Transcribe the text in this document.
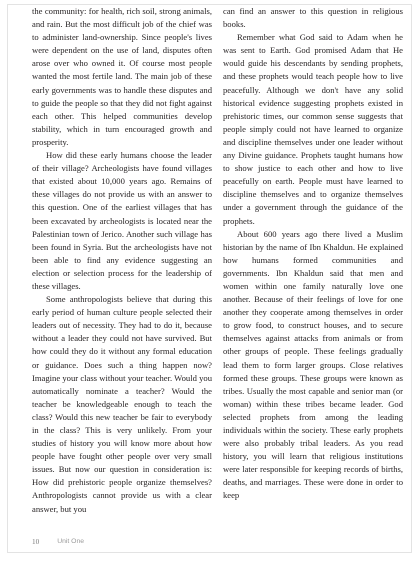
the community: for health, rich soil, strong animals, and rain. But the most difficult job of the chief was to administer land-ownership. Since people's lives were dependent on the use of land, disputes often arose over who owned it. Of course most people wanted the most fertile land. The main job of these early governments was to handle these disputes and to guide the people so that they did not fight against each other. This helped communities develop stability, which in turn encouraged growth and prosperity.

How did these early humans choose the leader of their village? Archeologists have found villages that existed about 10,000 years ago. Remains of these villages do not provide us with an answer to this question. One of the earliest villages that has been excavated by archeologists is located near the Palestinian town of Jerico. Another such village has been found in Syria. But the archeologists have not been able to find any evidence suggesting an election or selection process for the leadership of these villages.

Some anthropologists believe that during this early period of human culture people selected their leaders out of necessity. They had to do it, because without a leader they could not have survived. But how could they do it without any formal education or guidance. Does such a thing happen now? Imagine your class without your teacher. Would you automatically nominate a teacher? Would the teacher be knowledgeable enough to teach the class? Would this new teacher be fair to everybody in the class? This is very unlikely. From your studies of history you will know more about how people have fought other people over very small issues. But now our question in consideration is: How did prehistoric people organize themselves? Anthropologists cannot provide us with a clear answer, but you

can find an answer to this question in religious books.

Remember what God said to Adam when he was sent to Earth. God promised Adam that He would guide his descendants by sending prophets, and these prophets would teach people how to live peacefully. Although we don't have any solid historical evidence suggesting prophets existed in prehistoric times, our common sense suggests that people simply could not have learned to organize and discipline themselves under one leader without any Divine guidance. Prophets taught humans how to show justice to each other and how to live peacefully on earth. People must have learned to discipline themselves and to organize themselves under a government through the guidance of the prophets.

About 600 years ago there lived a Muslim historian by the name of Ibn Khaldun. He explained how humans formed communities and governments. Ibn Khaldun said that men and women within one family naturally love one another. Because of their feelings of love for one another they cooperate among themselves in order to grow food, to construct houses, and to secure themselves against attacks from animals or from other groups of people. These feelings gradually lead them to form larger groups. Close relatives formed these groups. These groups were known as tribes. Usually the most capable and senior man (or woman) within these tribes became leader. God selected prophets from among the leading individuals within the society. These early prophets were also probably tribal leaders. As you read history, you will learn that religious institutions were later responsible for keeping records of births, deaths, and marriages. These were done in order to keep

10	Unit One
